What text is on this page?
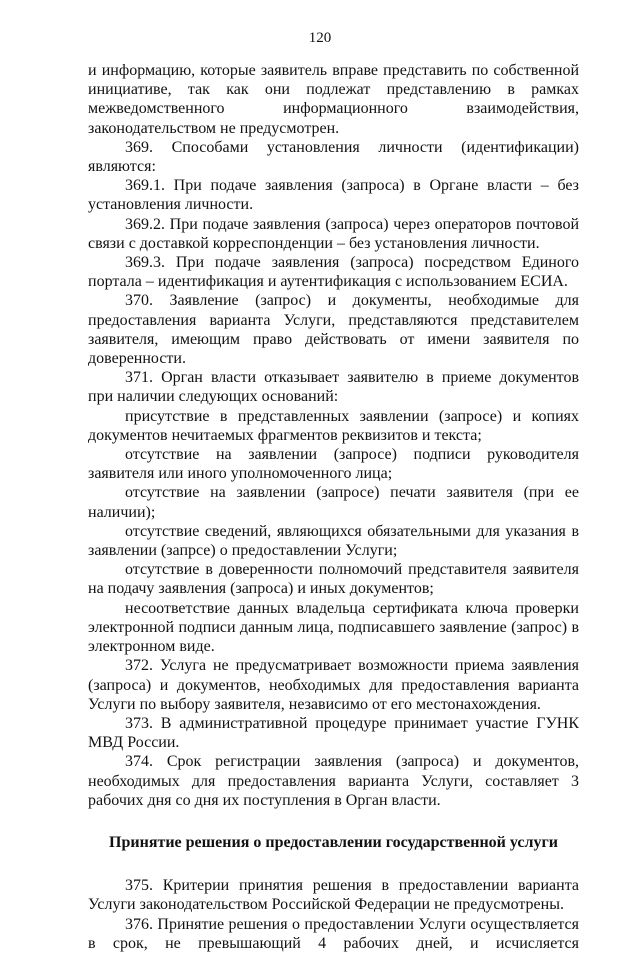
120

и информацию, которые заявитель вправе представить по собственной инициативе, так как они подлежат представлению в рамках межведомственного информационного взаимодействия, законодательством не предусмотрен.

369. Способами установления личности (идентификации) являются:

369.1. При подаче заявления (запроса) в Органе власти – без установления личности.

369.2. При подаче заявления (запроса) через операторов почтовой связи с доставкой корреспонденции – без установления личности.

369.3. При подаче заявления (запроса) посредством Единого портала – идентификация и аутентификация с использованием ЕСИА.

370. Заявление (запрос) и документы, необходимые для предоставления варианта Услуги, представляются представителем заявителя, имеющим право действовать от имени заявителя по доверенности.

371. Орган власти отказывает заявителю в приеме документов при наличии следующих оснований:

присутствие в представленных заявлении (запросе) и копиях документов нечитаемых фрагментов реквизитов и текста;

отсутствие на заявлении (запросе) подписи руководителя заявителя или иного уполномоченного лица;

отсутствие на заявлении (запросе) печати заявителя (при ее наличии);

отсутствие сведений, являющихся обязательными для указания в заявлении (запрсе) о предоставлении Услуги;

отсутствие в доверенности полномочий представителя заявителя на подачу заявления (запроса) и иных документов;

несоответствие данных владельца сертификата ключа проверки электронной подписи данным лица, подписавшего заявление (запрос) в электронном виде.

372. Услуга не предусматривает возможности приема заявления (запроса) и документов, необходимых для предоставления варианта Услуги по выбору заявителя, независимо от его местонахождения.

373. В административной процедуре принимает участие ГУНК МВД России.

374. Срок регистрации заявления (запроса) и документов, необходимых для предоставления варианта Услуги, составляет 3 рабочих дня со дня их поступления в Орган власти.

Принятие решения о предоставлении государственной услуги

375. Критерии принятия решения в предоставлении варианта Услуги законодательством Российской Федерации не предусмотрены.

376. Принятие решения о предоставлении Услуги осуществляется в срок, не превышающий 4 рабочих дней, и исчисляется
